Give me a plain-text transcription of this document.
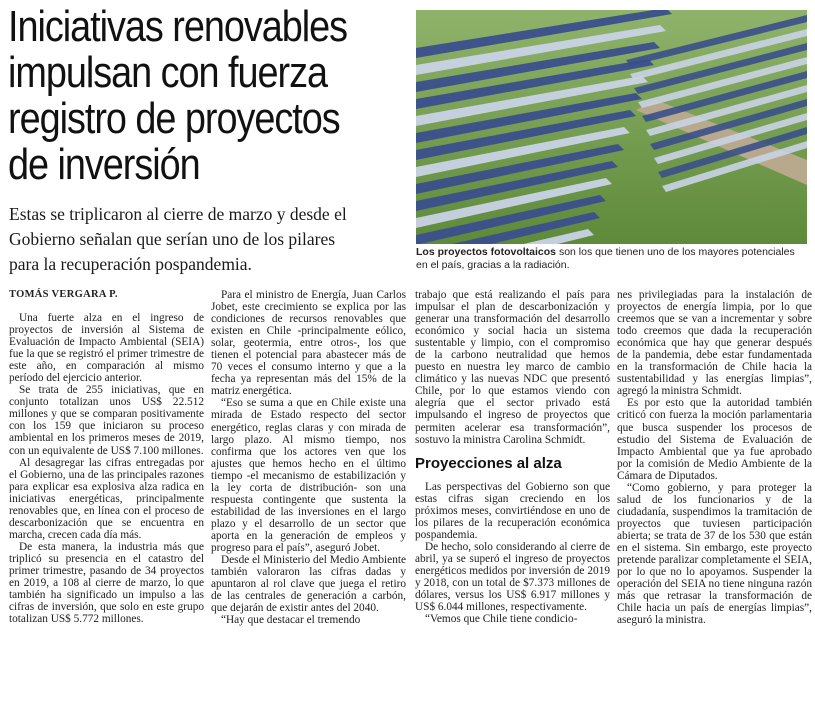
Iniciativas renovables
impulsan con fuerza
registro de proyectos
de inversión

Estas se triplicaron al cierre de marzo y desde el
Gobierno señalan que serían uno de los pilares
para la recuperación pospandemia.

TOMÁS VERGARA P.
Los proyectos fotovoltaicos son los que tienen uno de los mayores potenciales en el país, gracias a la radiación.

Una fuerte alza en el ingreso de proyectos de inversión al Sistema de Evaluación de Impacto Ambiental (SEIA) fue la que se registró el primer trimestre de este año, en comparación al mismo período del ejercicio anterior.

Se trata de 255 iniciativas, que en conjunto totalizan unos US$ 22.512 millones y que se comparan positivamente con los 159 que iniciaron su proceso ambiental en los primeros meses de 2019, con un equivalente de US$ 7.100 millones.

Al desagregar las cifras entregadas por el Gobierno, una de las principales razones para explicar esa explosiva alza radica en iniciativas energéticas, principalmente renovables que, en línea con el proceso de descarbonización que se encuentra en marcha, crecen cada día más.

De esta manera, la industria más que triplicó su presencia en el catastro del primer trimestre, pasando de 34 proyectos en 2019, a 108 al cierre de marzo, lo que también ha significado un impulso a las cifras de inversión, que solo en este grupo totalizan US$ 5.772 millones.

Para el ministro de Energía, Juan Carlos Jobet, este crecimiento se explica por las condiciones de recursos renovables que existen en Chile -principalmente eólico, solar, geotermia, entre otros-, los que tienen el potencial para abastecer más de 70 veces el consumo interno y que a la fecha ya representan más del 15% de la matriz energética.

“Eso se suma a que en Chile existe una mirada de Estado respecto del sector energético, reglas claras y con mirada de largo plazo. Al mismo tiempo, nos confirma que los actores ven que los ajustes que hemos hecho en el último tiempo -el mecanismo de estabilización y la ley corta de distribución- son una respuesta contingente que sustenta la estabilidad de las inversiones en el largo plazo y el desarrollo de un sector que aporta en la generación de empleos y progreso para el país”, aseguró Jobet.

Desde el Ministerio del Medio Ambiente también valoraron las cifras dadas y apuntaron al rol clave que juega el retiro de las centrales de generación a carbón, que dejarán de existir antes del 2040.

“Hay que destacar el tremendo

trabajo que está realizando el país para impulsar el plan de descarbonización y generar una transformación del desarrollo económico y social hacia un sistema sustentable y limpio, con el compromiso de la carbono neutralidad que hemos puesto en nuestra ley marco de cambio climático y las nuevas NDC que presentó Chile, por lo que estamos viendo con alegría que el sector privado está impulsando el ingreso de proyectos que permiten acelerar esa transformación”, sostuvo la ministra Carolina Schmidt.

Proyecciones al alza

Las perspectivas del Gobierno son que estas cifras sigan creciendo en los próximos meses, convirtiéndose en uno de los pilares de la recuperación económica pospandemia.

De hecho, solo considerando al cierre de abril, ya se superó el ingreso de proyectos energéticos medidos por inversión de 2019 y 2018, con un total de $7.373 millones de dólares, versus los US$ 6.917 millones y US$ 6.044 millones, respectivamente.

“Vemos que Chile tiene condicio-

nes privilegiadas para la instalación de proyectos de energía limpia, por lo que creemos que se van a incrementar y sobre todo creemos que dada la recuperación económica que hay que generar después de la pandemia, debe estar fundamentada en la transformación de Chile hacia la sustentabilidad y las energías limpias”, agregó la ministra Schmidt.

Es por esto que la autoridad también criticó con fuerza la moción parlamentaria que busca suspender los procesos de estudio del Sistema de Evaluación de Impacto Ambiental que ya fue aprobado por la comisión de Medio Ambiente de la Cámara de Diputados.

“Como gobierno, y para proteger la salud de los funcionarios y de la ciudadanía, suspendimos la tramitación de proyectos que tuviesen participación abierta; se trata de 37 de los 530 que están en el sistema. Sin embargo, este proyecto pretende paralizar completamente el SEIA, por lo que no lo apoyamos. Suspender la operación del SEIA no tiene ninguna razón más que retrasar la transformación de Chile hacia un país de energías limpias”, aseguró la ministra.
